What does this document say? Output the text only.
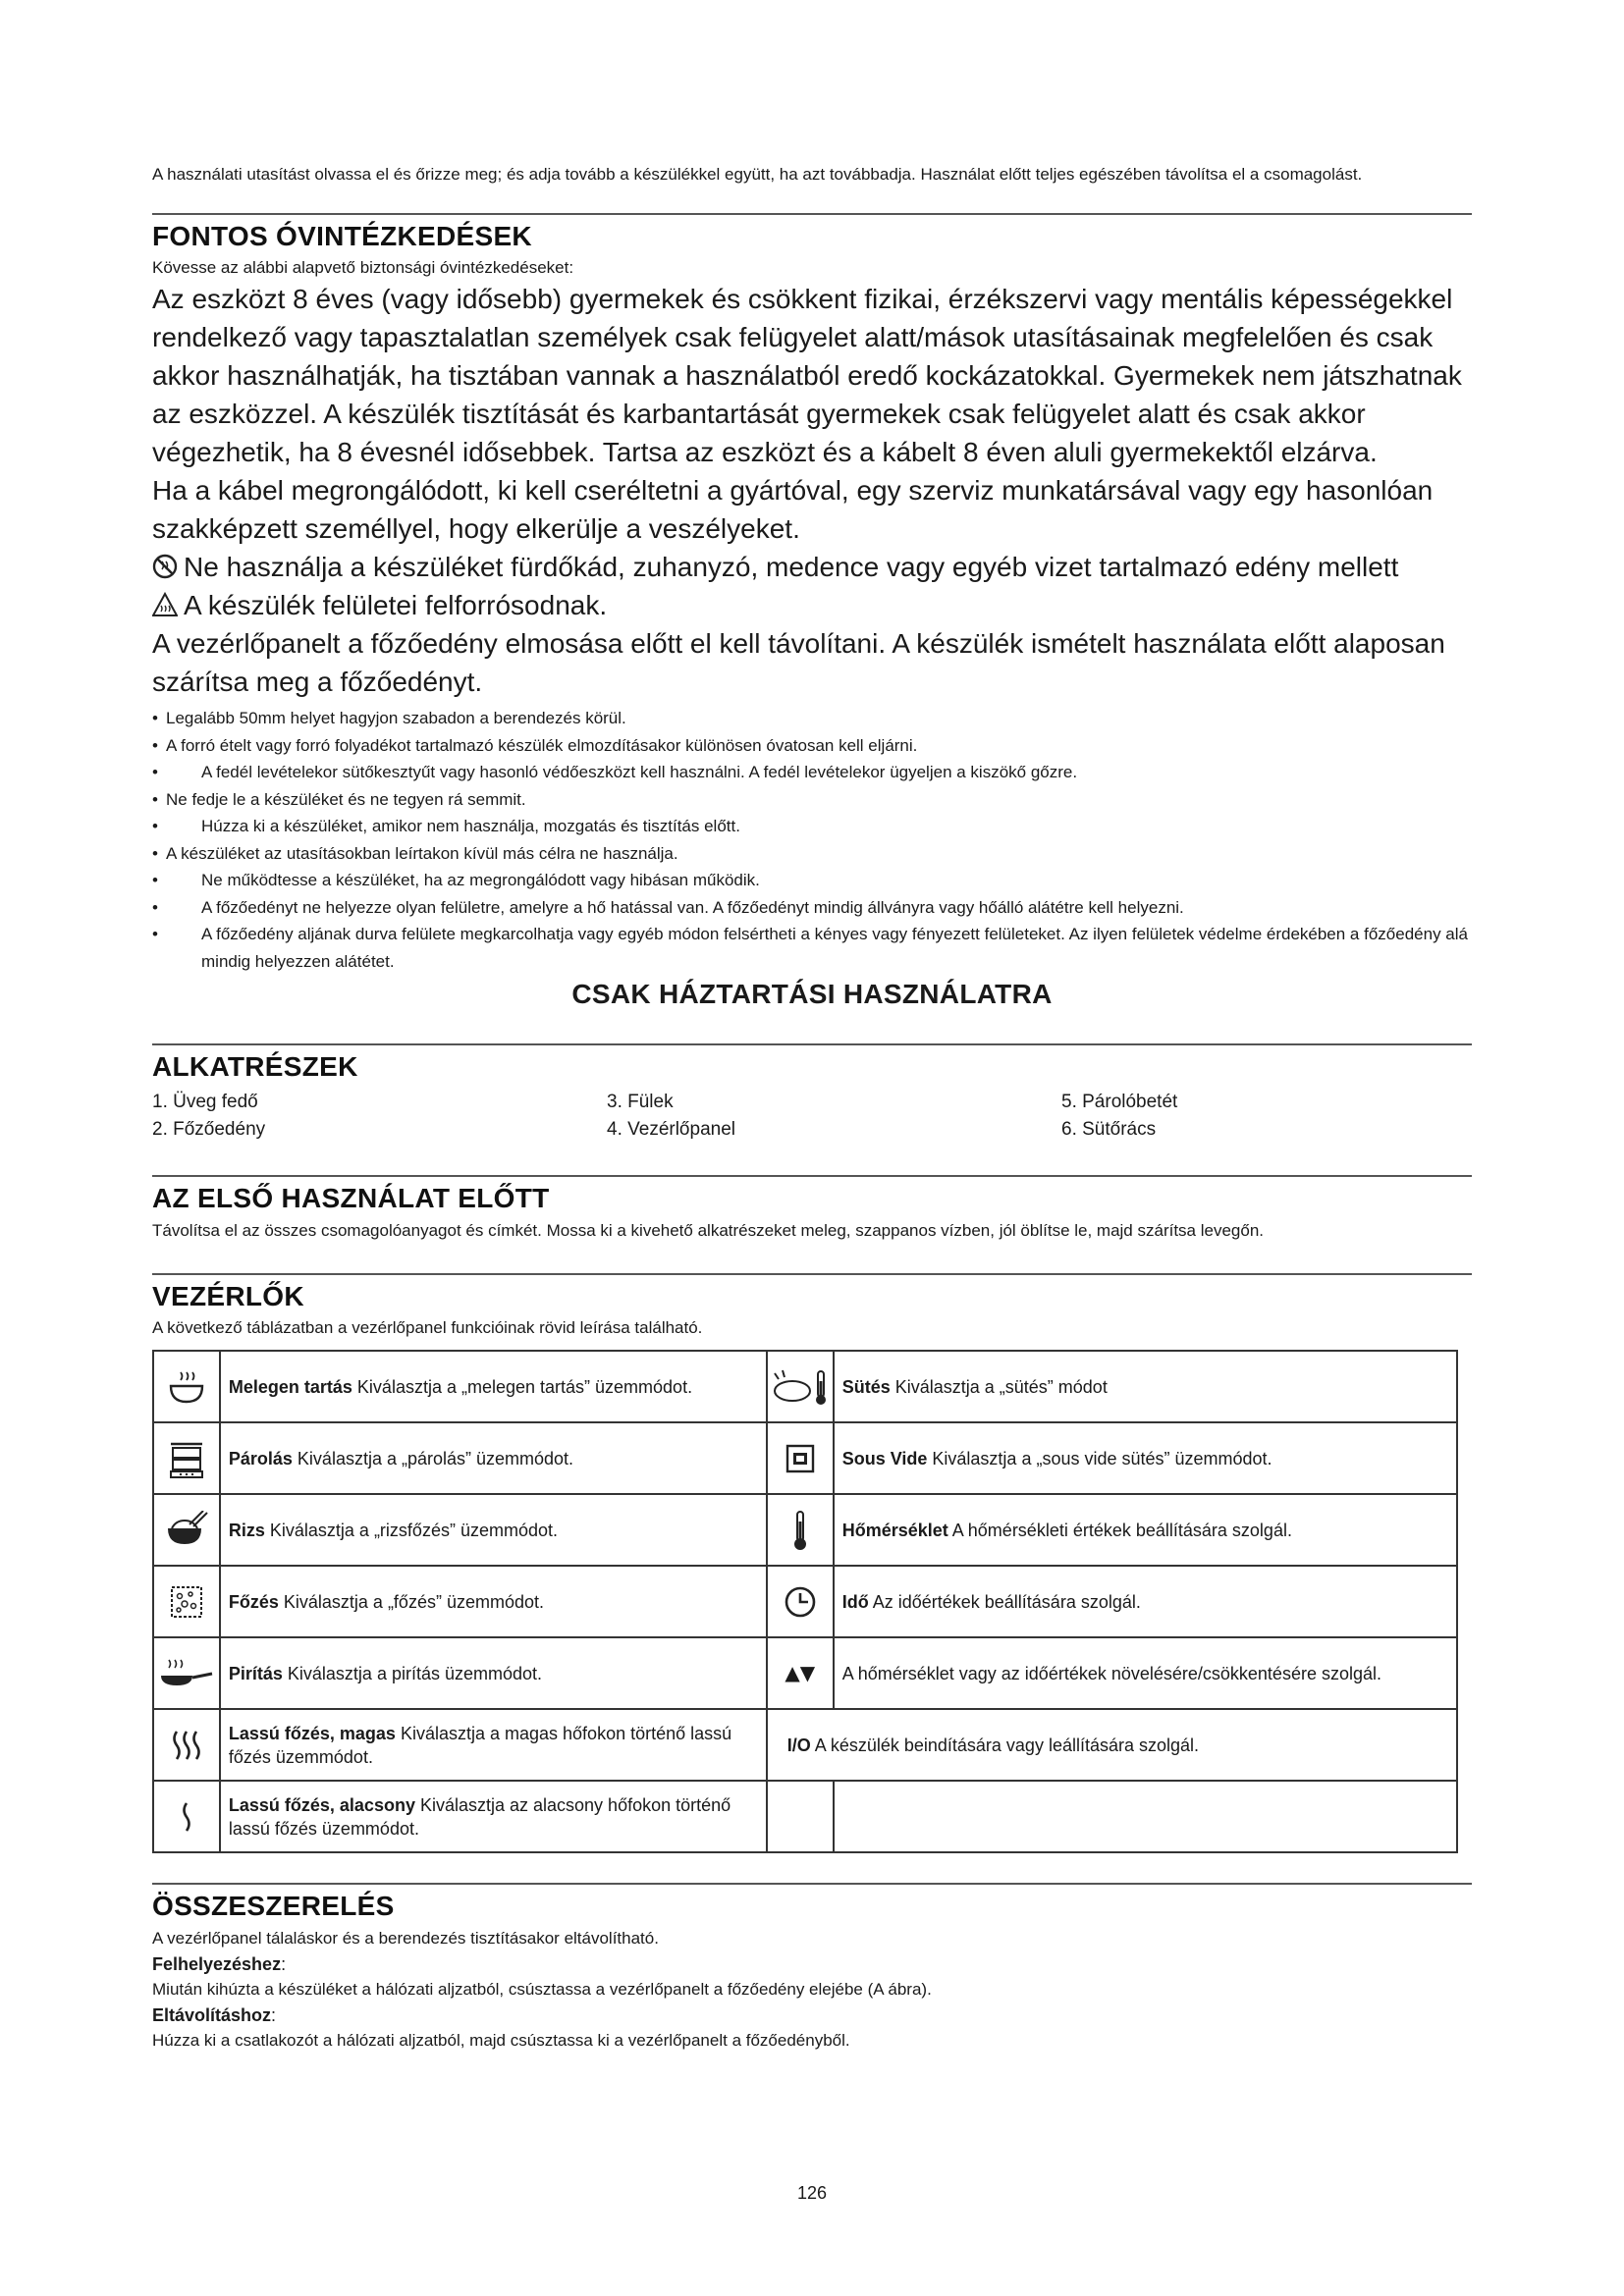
A használati utasítást olvassa el és őrizze meg; és adja tovább a készülékkel együtt, ha azt továbbadja. Használat előtt teljes egészében távolítsa el a csomagolást.

FONTOS ÓVINTÉZKEDÉSEK

Kövesse az alábbi alapvető biztonsági óvintézkedéseket:

Az eszközt 8 éves (vagy idősebb) gyermekek és csökkent fizikai, érzékszervi vagy mentális képességekkel rendelkező vagy tapasztalatlan személyek csak felügyelet alatt/mások utasításainak megfelelően és csak akkor használhatják, ha tisztában vannak a használatból eredő kockázatokkal. Gyermekek nem játszhatnak az eszközzel. A készülék tisztítását és karbantartását gyermekek csak felügyelet alatt és csak akkor végezhetik, ha 8 évesnél idősebbek. Tartsa az eszközt és a kábelt 8 éven aluli gyermekektől elzárva.

Ha a kábel megrongálódott, ki kell cseréltetni a gyártóval, egy szerviz munkatársával vagy egy hasonlóan szakképzett személlyel, hogy elkerülje a veszélyeket.

Ne használja a készüléket fürdőkád, zuhanyzó, medence vagy egyéb vizet tartalmazó edény mellett

A készülék felületei felforrósodnak.

A vezérlőpanelt a főzőedény elmosása előtt el kell távolítani. A készülék ismételt használata előtt alaposan szárítsa meg a főzőedényt.

• Legalább 50mm helyet hagyjon szabadon a berendezés körül.
• A forró ételt vagy forró folyadékot tartalmazó készülék elmozdításakor különösen óvatosan kell eljárni.
• A fedél levételekor sütőkesztyűt vagy hasonló védőeszközt kell használni. A fedél levételekor ügyeljen a kiszökő gőzre.
• Ne fedje le a készüléket és ne tegyen rá semmit.
• Húzza ki a készüléket, amikor nem használja, mozgatás és tisztítás előtt.
• A készüléket az utasításokban leírtakon kívül más célra ne használja.
• Ne működtesse a készüléket, ha az megrongálódott vagy hibásan működik.
• A főzőedényt ne helyezze olyan felületre, amelyre a hő hatással van. A főzőedényt mindig állványra vagy hőálló alátétre kell helyezni.
• A főzőedény aljának durva felülete megkarcolhatja vagy egyéb módon felsértheti a kényes vagy fényezett felületeket. Az ilyen felületek védelme érdekében a főzőedény alá mindig helyezzen alátétet.
CSAK HÁZTARTÁSI HASZNÁLATRA
ALKATRÉSZEK
1. Üveg fedő	3. Fülek	5. Párolóbetét
2. Főzőedény	4. Vezérlőpanel	6. Sütőrács
AZ ELSŐ HASZNÁLAT ELŐTT

Távolítsa el az összes csomagolóanyagot és címkét. Mossa ki a kivehető alkatrészeket meleg, szappanos vízben, jól öblítse le, majd szárítsa levegőn.

VEZÉRLŐK

A következő táblázatban a vezérlőpanel funkcióinak rövid leírása található.

	Melegen tartás Kiválasztja a „melegen tartás” üzemmódot.		Sütés Kiválasztja a „sütés” módot

	Párolás Kiválasztja a „párolás” üzemmódot.		Sous Vide Kiválasztja a „sous vide sütés” üzemmódot.

	Rizs Kiválasztja a „rizsfőzés” üzemmódot.		Hőmérséklet A hőmérsékleti értékek beállítására szolgál.

	Főzés Kiválasztja a „főzés” üzemmódot.		Idő Az időértékek beállítására szolgál.

	Pirítás Kiválasztja a pirítás üzemmódot.	▲▼	A hőmérséklet vagy az időértékek növelésére/csökkentésére szolgál.

	Lassú főzés, magas Kiválasztja a magas hőfokon történő lassú főzés üzemmódot.	I/O A készülék beindítására vagy leállítására szolgál.	

	Lassú főzés, alacsony Kiválasztja az alacsony hőfokon történő lassú főzés üzemmódot.		
ÖSSZESZERELÉS

A vezérlőpanel tálaláskor és a berendezés tisztításakor eltávolítható.

Felhelyezéshez:

Miután kihúzta a készüléket a hálózati aljzatból, csúsztassa a vezérlőpanelt a főzőedény elejébe (A ábra).

Eltávolításhoz:

Húzza ki a csatlakozót a hálózati aljzatból, majd csúsztassa ki a vezérlőpanelt a főzőedényből.

126
